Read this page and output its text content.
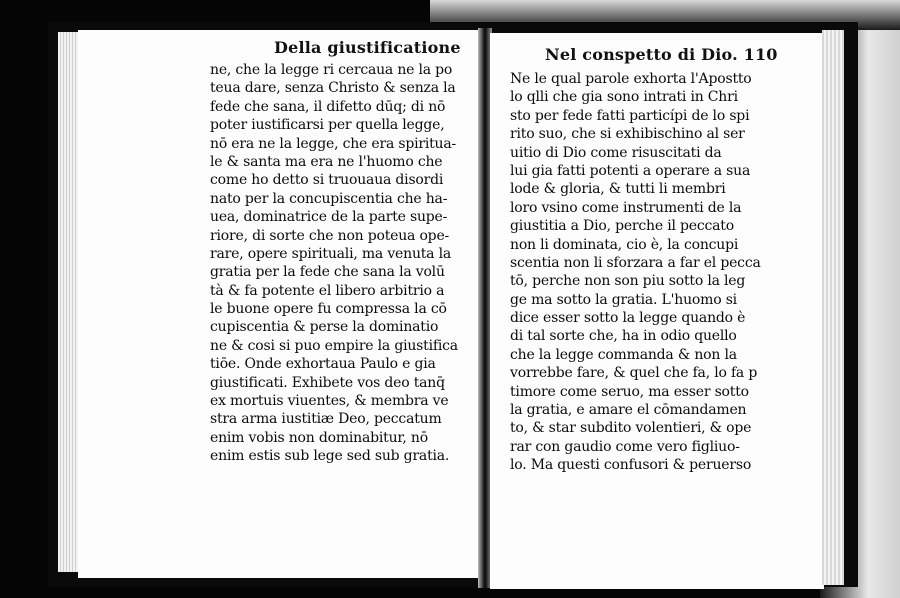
Della giustificatione
ne, che la legge ri cercaua ne la po
teua dare, senza Christo & senza la
fede che sana, il difetto dūq; di nō
poter iustificarsi per quella legge,
nō era ne la legge, che era spiritua-
le & santa ma era ne l'huomo che
come ho detto si truouaua disordi
nato per la concupiscentia che ha-
uea, dominatrice de la parte supe-
riore, di sorte che non poteua ope-
rare, opere spirituali, ma venuta la
gratia per la fede che sana la volū
tà & fa potente el libero arbitrio a
le buone opere fu compressa la cō
cupiscentia & perse la dominatio
ne & cosi si puo empire la giustifica
tiōe. Onde exhortaua Paulo e gia
giustificati. Exhibete vos deo tanq̄
ex mortuis viuentes, & membra ve
stra arma iustitiæ Deo, peccatum
enim vobis non dominabitur, nō
enim estis sub lege sed sub gratia.
Nel conspetto di Dio. 110
Ne le qual parole exhorta l'Apostto
lo qlli che gia sono intrati in Chri
sto per fede fatti particípi de lo spi
rito suo, che si exhibischino al ser
uitio di Dio come risuscitati da
lui gia fatti potenti a operare a sua
lode & gloria, & tutti li membri
loro vsino come instrumenti de la
giustitia a Dio, perche il peccato
non li dominata, cio è, la concupi
scentia non li sforzara a far el pecca
tō, perche non son piu sotto la leg
ge ma sotto la gratia. L'huomo si
dice esser sotto la legge quando è
di tal sorte che, ha in odio quello
che la legge commanda & non la
vorrebbe fare, & quel che fa, lo fa p
timore come seruo, ma esser sotto
la gratia, e amare el cōmandamen
to, & star subdito volentieri, & ope
rar con gaudio come vero figliuo-
lo. Ma questi confusori & peruerso
